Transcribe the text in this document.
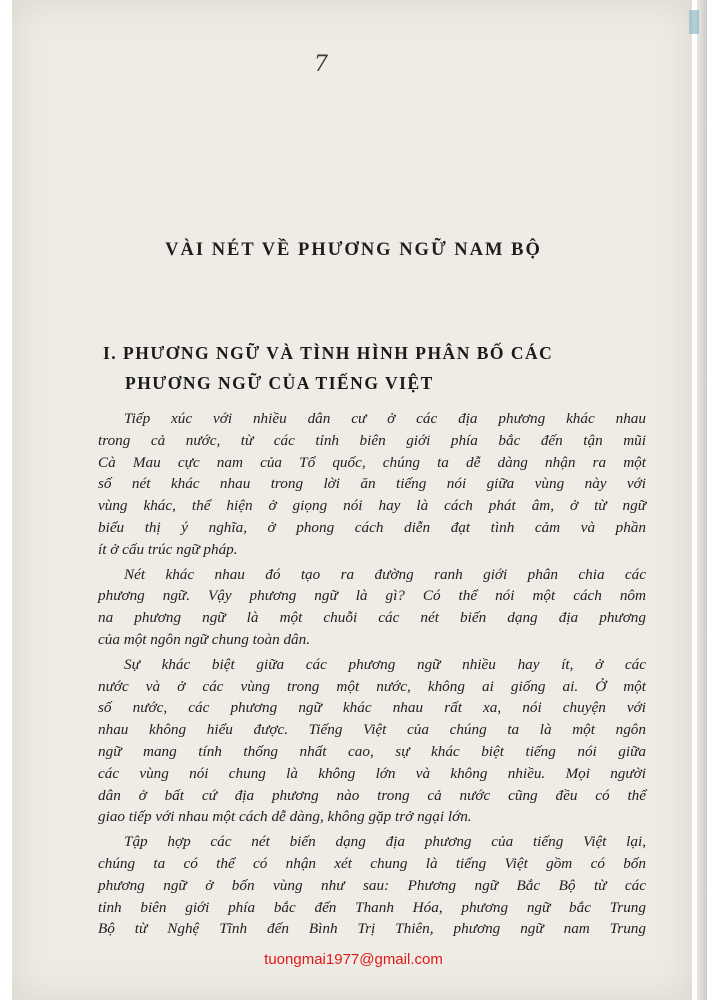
7
VÀI NÉT VỀ PHƯƠNG NGỮ NAM BỘ
I. PHƯƠNG NGỮ VÀ TÌNH HÌNH PHÂN BỐ CÁC
PHƯƠNG NGỮ CỦA TIẾNG VIỆT
Tiếp xúc với nhiều dân cư ở các địa phương khác nhau
trong cả nước, từ các tỉnh biên giới phía bắc đến tận mũi
Cà Mau cực nam của Tổ quốc, chúng ta dễ dàng nhận ra một
số nét khác nhau trong lời ăn tiếng nói giữa vùng này với
vùng khác, thể hiện ở giọng nói hay là cách phát âm, ở từ ngữ
biểu thị ý nghĩa, ở phong cách diễn đạt tình cảm và phần
ít ở cấu trúc ngữ pháp.
Nét khác nhau đó tạo ra đường ranh giới phân chia các
phương ngữ. Vậy phương ngữ là gì? Có thể nói một cách nôm
na phương ngữ là một chuỗi các nét biến dạng địa phương
của một ngôn ngữ chung toàn dân.
Sự khác biệt giữa các phương ngữ nhiều hay ít, ở các
nước và ở các vùng trong một nước, không ai giống ai. Ở một
số nước, các phương ngữ khác nhau rất xa, nói chuyện với
nhau không hiểu được. Tiếng Việt của chúng ta là một ngôn
ngữ mang tính thống nhất cao, sự khác biệt tiếng nói giữa
các vùng nói chung là không lớn và không nhiều. Mọi người
dân ở bất cứ địa phương nào trong cả nước cũng đều có thể
giao tiếp với nhau một cách dễ dàng, không gặp trở ngại lớn.
Tập hợp các nét biến dạng địa phương của tiếng Việt lại,
chúng ta có thể có nhận xét chung là tiếng Việt gồm có bốn
phương ngữ ở bốn vùng như sau: Phương ngữ Bắc Bộ từ các
tỉnh biên giới phía bắc đến Thanh Hóa, phương ngữ bắc Trung
Bộ từ Nghệ Tĩnh đến Bình Trị Thiên, phương ngữ nam Trung
tuongmai1977@gmail.com
